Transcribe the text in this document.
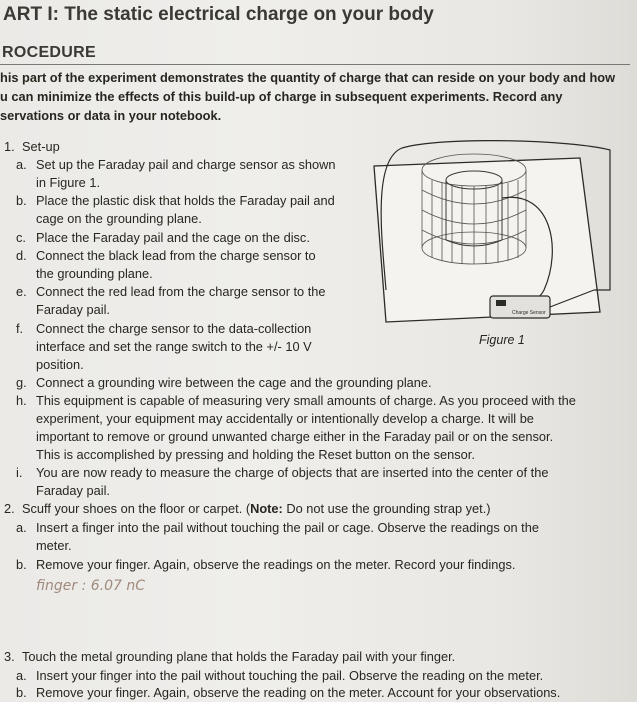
ART I: The static electrical charge on your body
ROCEDURE
his part of the experiment demonstrates the quantity of charge that can reside on your body and how
u can minimize the effects of this build-up of charge in subsequent experiments. Record any
servations or data in your notebook.
1. Set-up
a. Set up the Faraday pail and charge sensor as shown
in Figure 1.
b. Place the plastic disk that holds the Faraday pail and
cage on the grounding plane.
c. Place the Faraday pail and the cage on the disc.
d. Connect the black lead from the charge sensor to
the grounding plane.
e. Connect the red lead from the charge sensor to the
Faraday pail.
f. Connect the charge sensor to the data-collection
interface and set the range switch to the +/- 10 V
position.
g. Connect a grounding wire between the cage and the grounding plane.
h. This equipment is capable of measuring very small amounts of charge. As you proceed with the
experiment, your equipment may accidentally or intentionally develop a charge. It will be
important to remove or ground unwanted charge either in the Faraday pail or on the sensor.
This is accomplished by pressing and holding the Reset button on the sensor.
i. You are now ready to measure the charge of objects that are inserted into the center of the
Faraday pail.
2. Scuff your shoes on the floor or carpet. (Note: Do not use the grounding strap yet.)
a. Insert a finger into the pail without touching the pail or cage. Observe the readings on the
meter.
b. Remove your finger. Again, observe the readings on the meter. Record your findings.
finger : 6.07 nC
3. Touch the metal grounding plane that holds the Faraday pail with your finger.
a. Insert your finger into the pail without touching the pail. Observe the reading on the meter.
b. Remove your finger. Again, observe the reading on the meter. Account for your observations.
Charge Sensor
Figure 1
